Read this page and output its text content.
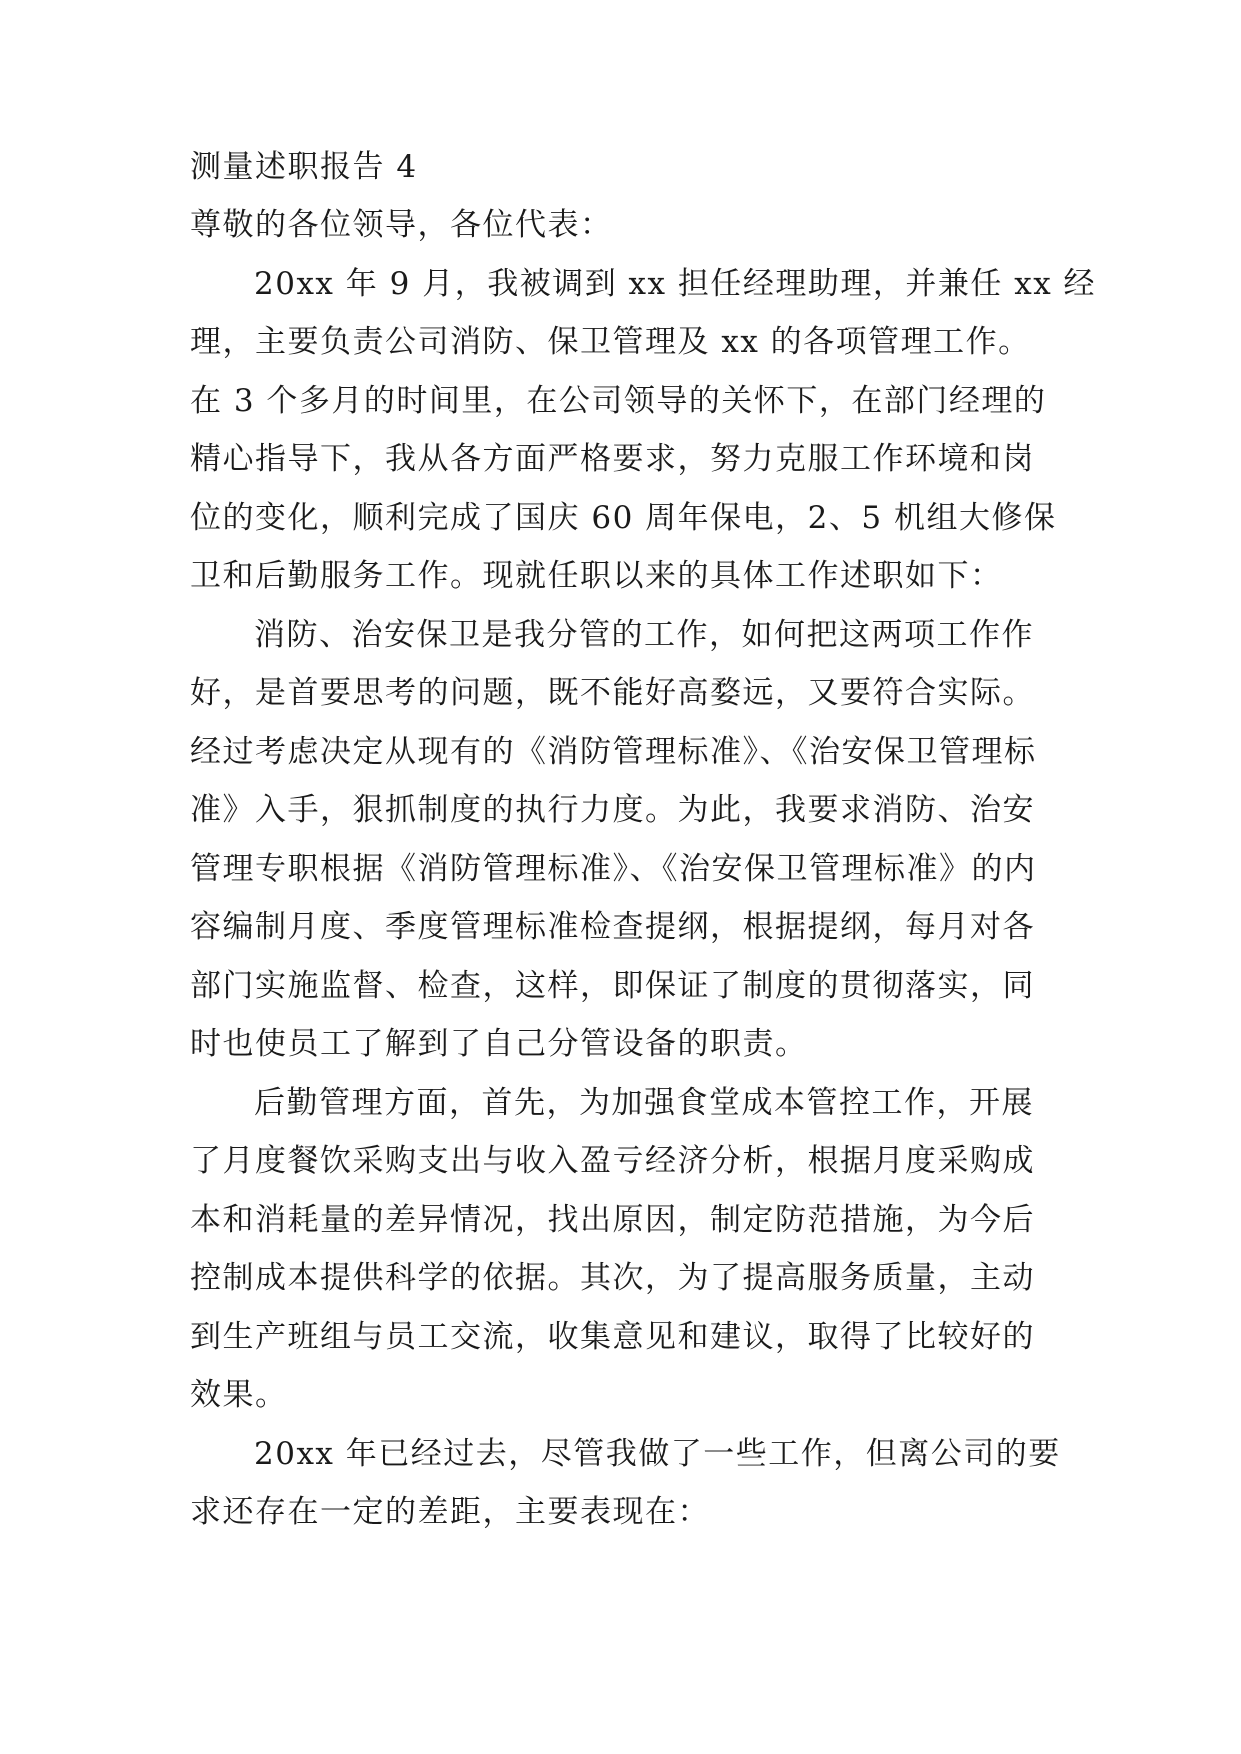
测量述职报告 4
尊敬的各位领导，各位代表：
20xx 年 9 月，我被调到 xx 担任经理助理，并兼任 xx 经
理，主要负责公司消防、保卫管理及 xx 的各项管理工作。
在 3 个多月的时间里，在公司领导的关怀下，在部门经理的
精心指导下，我从各方面严格要求，努力克服工作环境和岗
位的变化，顺利完成了国庆 60 周年保电，2、5 机组大修保
卫和后勤服务工作。现就任职以来的具体工作述职如下：
消防、治安保卫是我分管的工作，如何把这两项工作作
好，是首要思考的问题，既不能好高婺远，又要符合实际。
经过考虑决定从现有的《消防管理标准》、《治安保卫管理标
准》入手，狠抓制度的执行力度。为此，我要求消防、治安
管理专职根据《消防管理标准》、《治安保卫管理标准》的内
容编制月度、季度管理标准检查提纲，根据提纲，每月对各
部门实施监督、检查，这样，即保证了制度的贯彻落实，同
时也使员工了解到了自己分管设备的职责。
后勤管理方面，首先，为加强食堂成本管控工作，开展
了月度餐饮采购支出与收入盈亏经济分析，根据月度采购成
本和消耗量的差异情况，找出原因，制定防范措施，为今后
控制成本提供科学的依据。其次，为了提高服务质量，主动
到生产班组与员工交流，收集意见和建议，取得了比较好的
效果。
20xx 年已经过去，尽管我做了一些工作，但离公司的要
求还存在一定的差距，主要表现在：
